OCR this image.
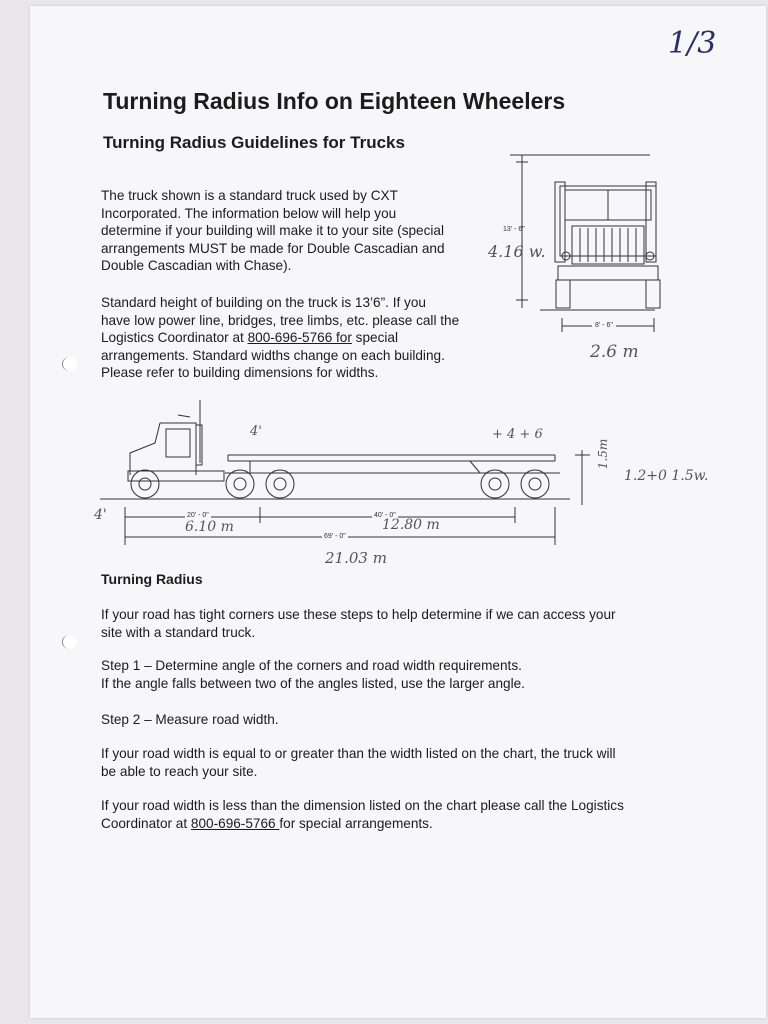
1/3
Turning Radius Info on Eighteen Wheelers
Turning Radius Guidelines for Trucks
The truck shown is a standard truck used by CXT
Incorporated. The information below will help you
determine if your building will make it to your site (special
arrangements MUST be made for Double Cascadian and
Double Cascadian with Chase).
Standard height of building on the truck is 13’6”. If you
have low power line, bridges, tree limbs, etc. please call the
Logistics Coordinator at 800-696-5766 for special
arrangements. Standard widths change on each building.
Please refer to building dimensions for widths.
13' - 6"
4.16 w.
8' - 6"
2.6 m
20' - 0"
6.10 m
40' - 0"
12.80 m
69' - 0"
21.03 m
1.5m
1.2+0 1.5w.
4'
4'	+ 4 + 6
Turning Radius
If your road has tight corners use these steps to help determine if we can access your
site with a standard truck.
Step 1 – Determine angle of the corners and road width requirements.
If the angle falls between two of the angles listed, use the larger angle.
Step 2 – Measure road width.
If your road width is equal to or greater than the width listed on the chart, the truck will
be able to reach your site.
If your road width is less than the dimension listed on the chart please call the Logistics
Coordinator at 800-696-5766 for special arrangements.
